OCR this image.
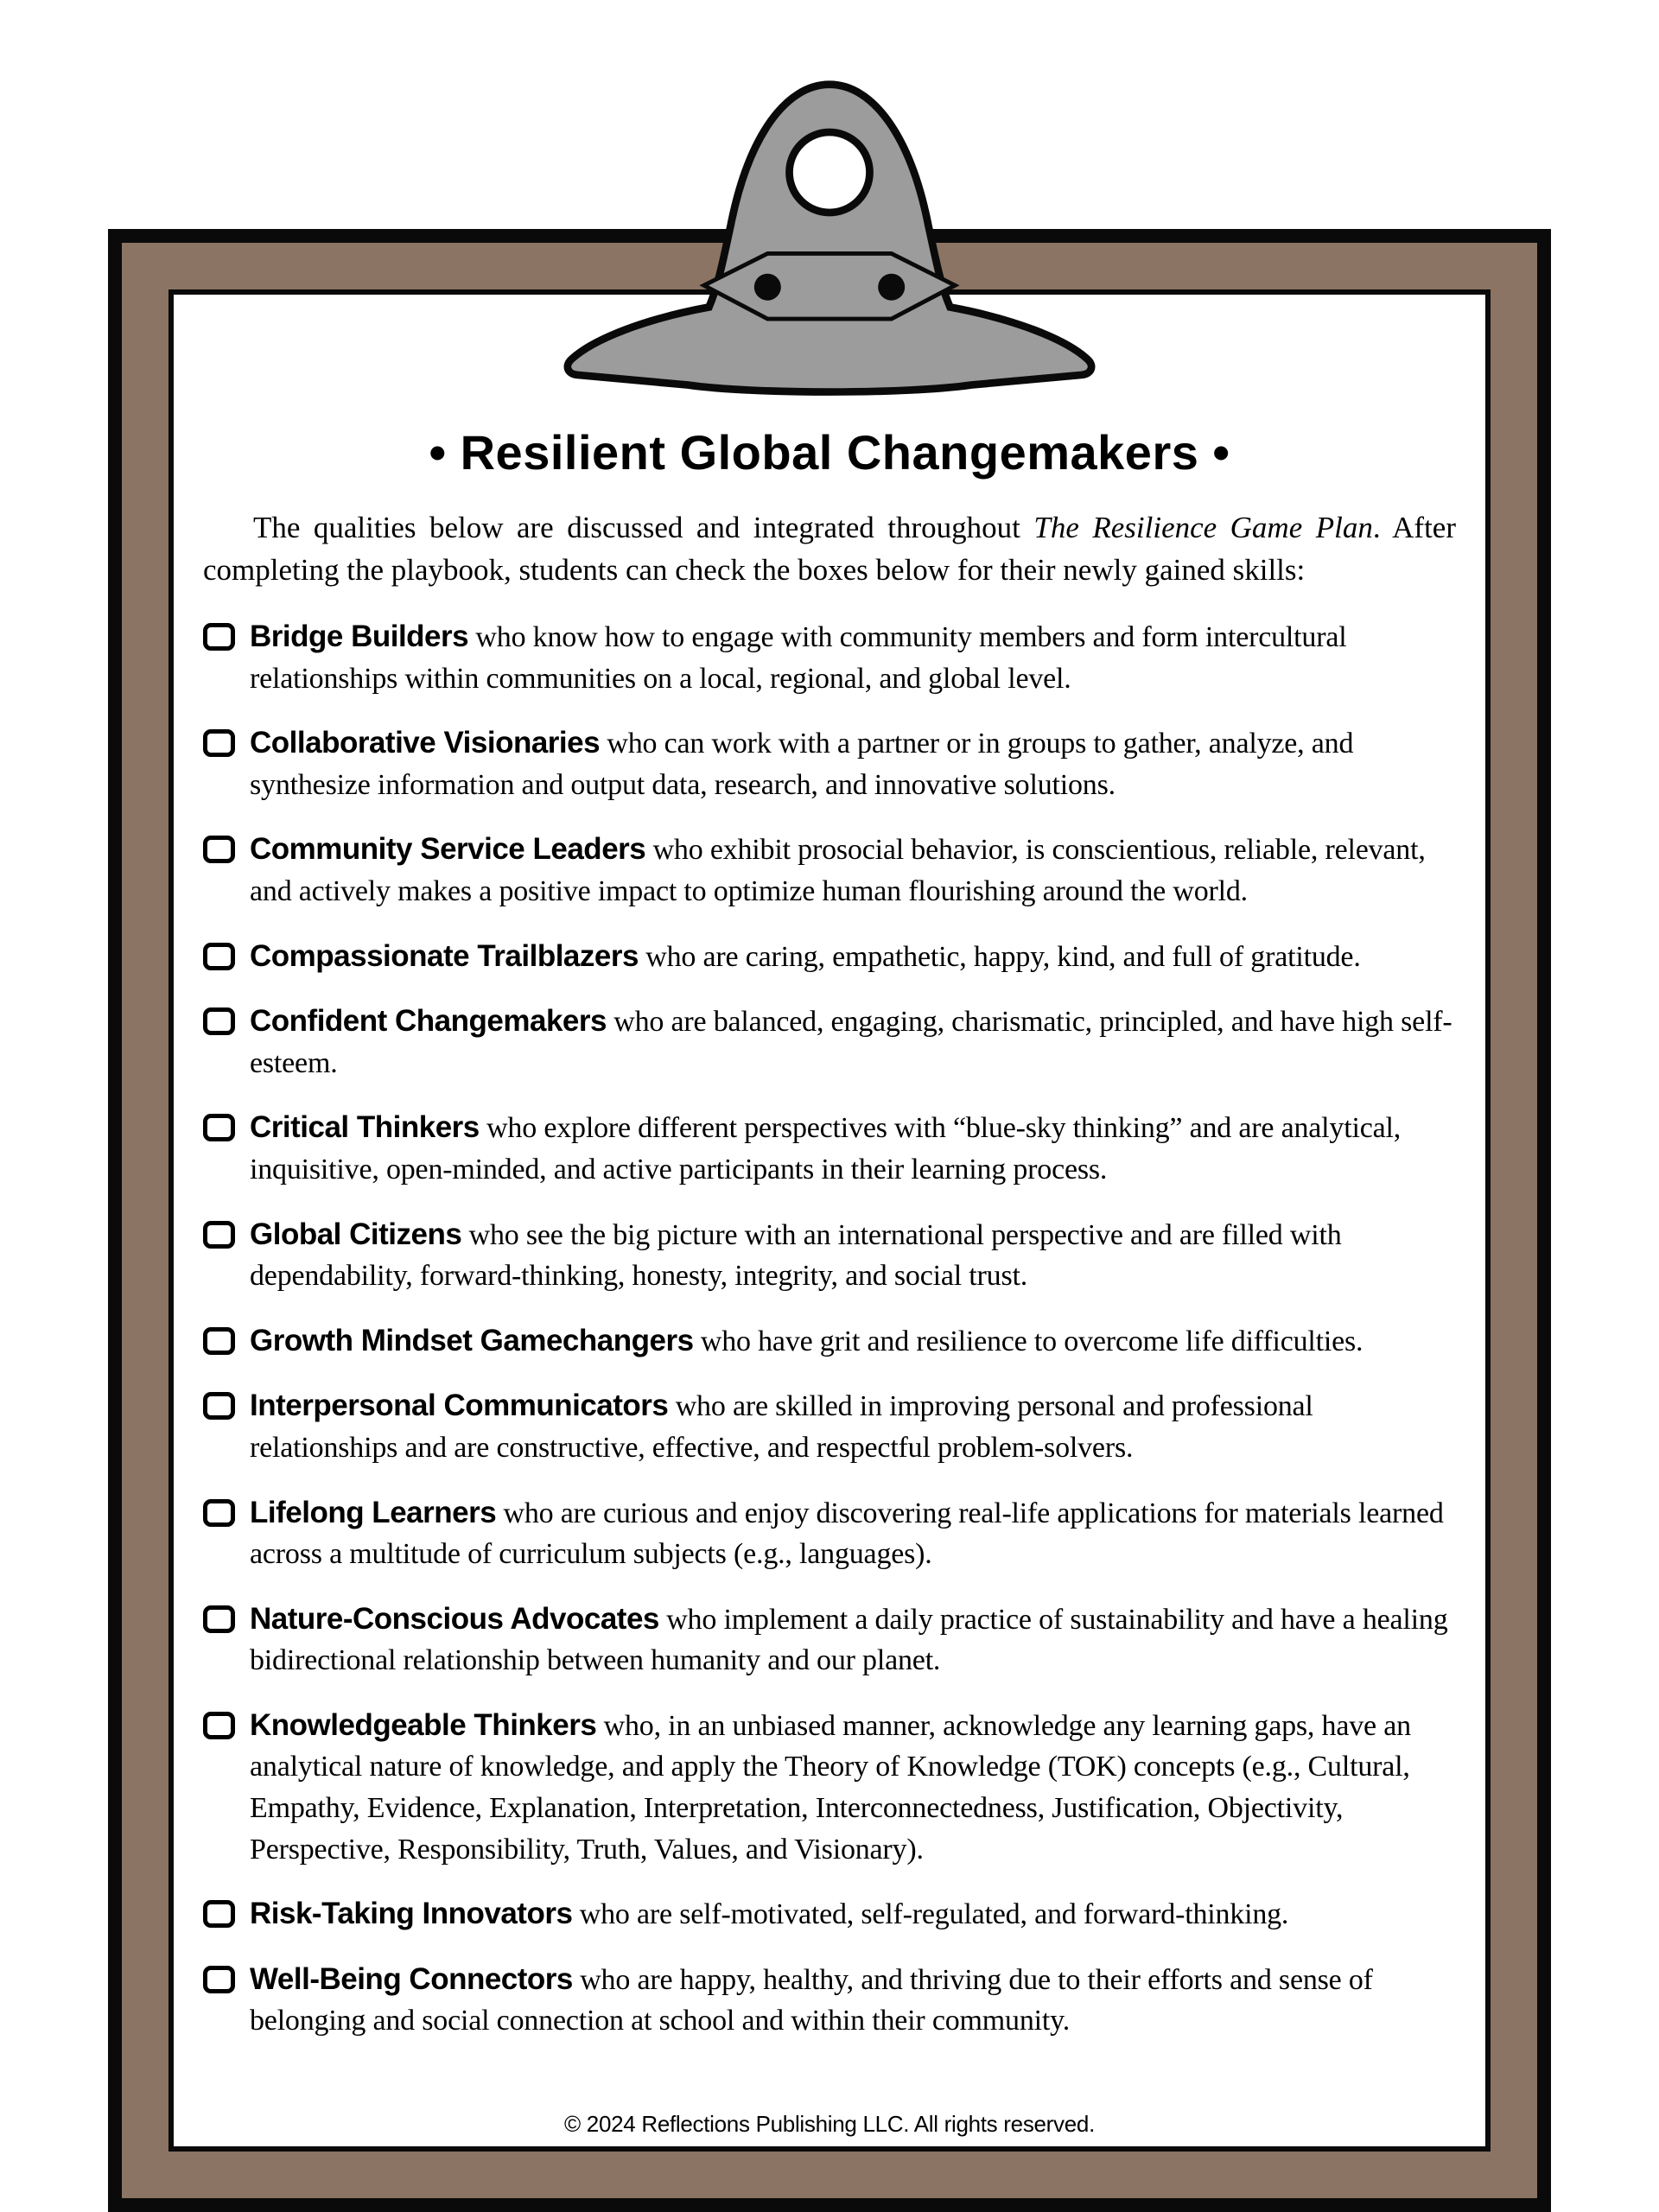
• Resilient Global Changemakers •

The qualities below are discussed and integrated throughout The Resilience Game Plan. After completing the playbook, students can check the boxes below for their newly gained skills:

Bridge Builders who know how to engage with community members and form intercultural relationships within communities on a local, regional, and global level.

Collaborative Visionaries who can work with a partner or in groups to gather, analyze, and synthesize information and output data, research, and innovative solutions.

Community Service Leaders who exhibit prosocial behavior, is conscientious, reliable, relevant, and actively makes a positive impact to optimize human flourishing around the world.

Compassionate Trailblazers who are caring, empathetic, happy, kind, and full of gratitude.

Confident Changemakers who are balanced, engaging, charismatic, principled, and have high self-esteem.

Critical Thinkers who explore different perspectives with “blue-sky thinking” and are analytical, inquisitive, open-minded, and active participants in their learning process.

Global Citizens who see the big picture with an international perspective and are filled with dependability, forward-thinking, honesty, integrity, and social trust.

Growth Mindset Gamechangers who have grit and resilience to overcome life difficulties.

Interpersonal Communicators who are skilled in improving personal and professional relationships and are constructive, effective, and respectful problem-solvers.

Lifelong Learners who are curious and enjoy discovering real-life applications for materials learned across a multitude of curriculum subjects (e.g., languages).

Nature-Conscious Advocates who implement a daily practice of sustainability and have a healing bidirectional relationship between humanity and our planet.

Knowledgeable Thinkers who, in an unbiased manner, acknowledge any learning gaps, have an analytical nature of knowledge, and apply the Theory of Knowledge (TOK) concepts (e.g., Cultural, Empathy, Evidence, Explanation, Interpretation, Interconnectedness, Justification, Objectivity, Perspective, Responsibility, Truth, Values, and Visionary).

Risk-Taking Innovators who are self-motivated, self-regulated, and forward-thinking.

Well-Being Connectors who are happy, healthy, and thriving due to their efforts and sense of belonging and social connection at school and within their community.

© 2024 Reflections Publishing LLC. All rights reserved.
